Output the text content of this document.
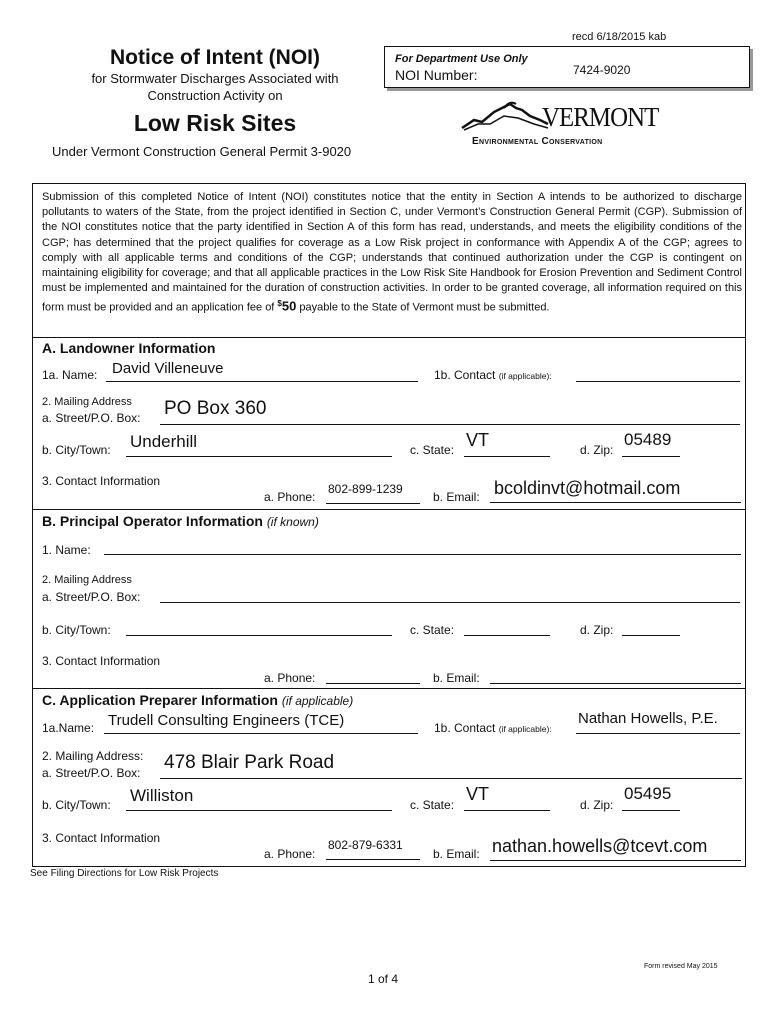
recd 6/18/2015 kab
Notice of Intent (NOI)
for Stormwater Discharges Associated with
Construction Activity on
Low Risk Sites
Under Vermont Construction General Permit 3-9020
For Department Use Only
NOI Number:	7424-9020
VERMONT
Environmental Conservation
Submission of this completed Notice of Intent (NOI) constitutes notice that the entity in Section A intends to be authorized to discharge pollutants to waters of the State, from the project identified in Section C, under Vermont’s Construction General Permit (CGP). Submission of the NOI constitutes notice that the party identified in Section A of this form has read, understands, and meets the eligibility conditions of the CGP; has determined that the project qualifies for coverage as a Low Risk project in conformance with Appendix A of the CGP; agrees to comply with all applicable terms and conditions of the CGP; understands that continued authorization under the CGP is contingent on maintaining eligibility for coverage; and that all applicable practices in the Low Risk Site Handbook for Erosion Prevention and Sediment Control must be implemented and maintained for the duration of construction activities. In order to be granted coverage, all information required on this form must be provided and an application fee of $50 payable to the State of Vermont must be submitted.
A. Landowner Information
1a. Name: David Villeneuve	1b. Contact (if applicable):
2. Mailing Address
a. Street/P.O. Box: PO Box 360
b. City/Town: Underhill	c. State: VT	d. Zip:
05489
3. Contact Information
a. Phone:
802-899-1239
b. Email: bcoldinvt@hotmail.com
B. Principal Operator Information (if known)
1. Name:
2. Mailing Address
a. Street/P.O. Box:
b. City/Town:	c. State:	d. Zip:
3. Contact Information
a. Phone:	b. Email:
C. Application Preparer Information (if applicable)
1a.Name: Trudell Consulting Engineers (TCE)	1b. Contact (if applicable):
Nathan Howells, P.E.
2. Mailing Address:
a. Street/P.O. Box: 478 Blair Park Road
b. City/Town: Williston	c. State:
VT
d. Zip:
05495
3. Contact Information
a. Phone:
802-879-6331
b. Email: nathan.howells@tcevt.com
See Filing Directions for Low Risk Projects
Form revised May 2015
1 of 4
